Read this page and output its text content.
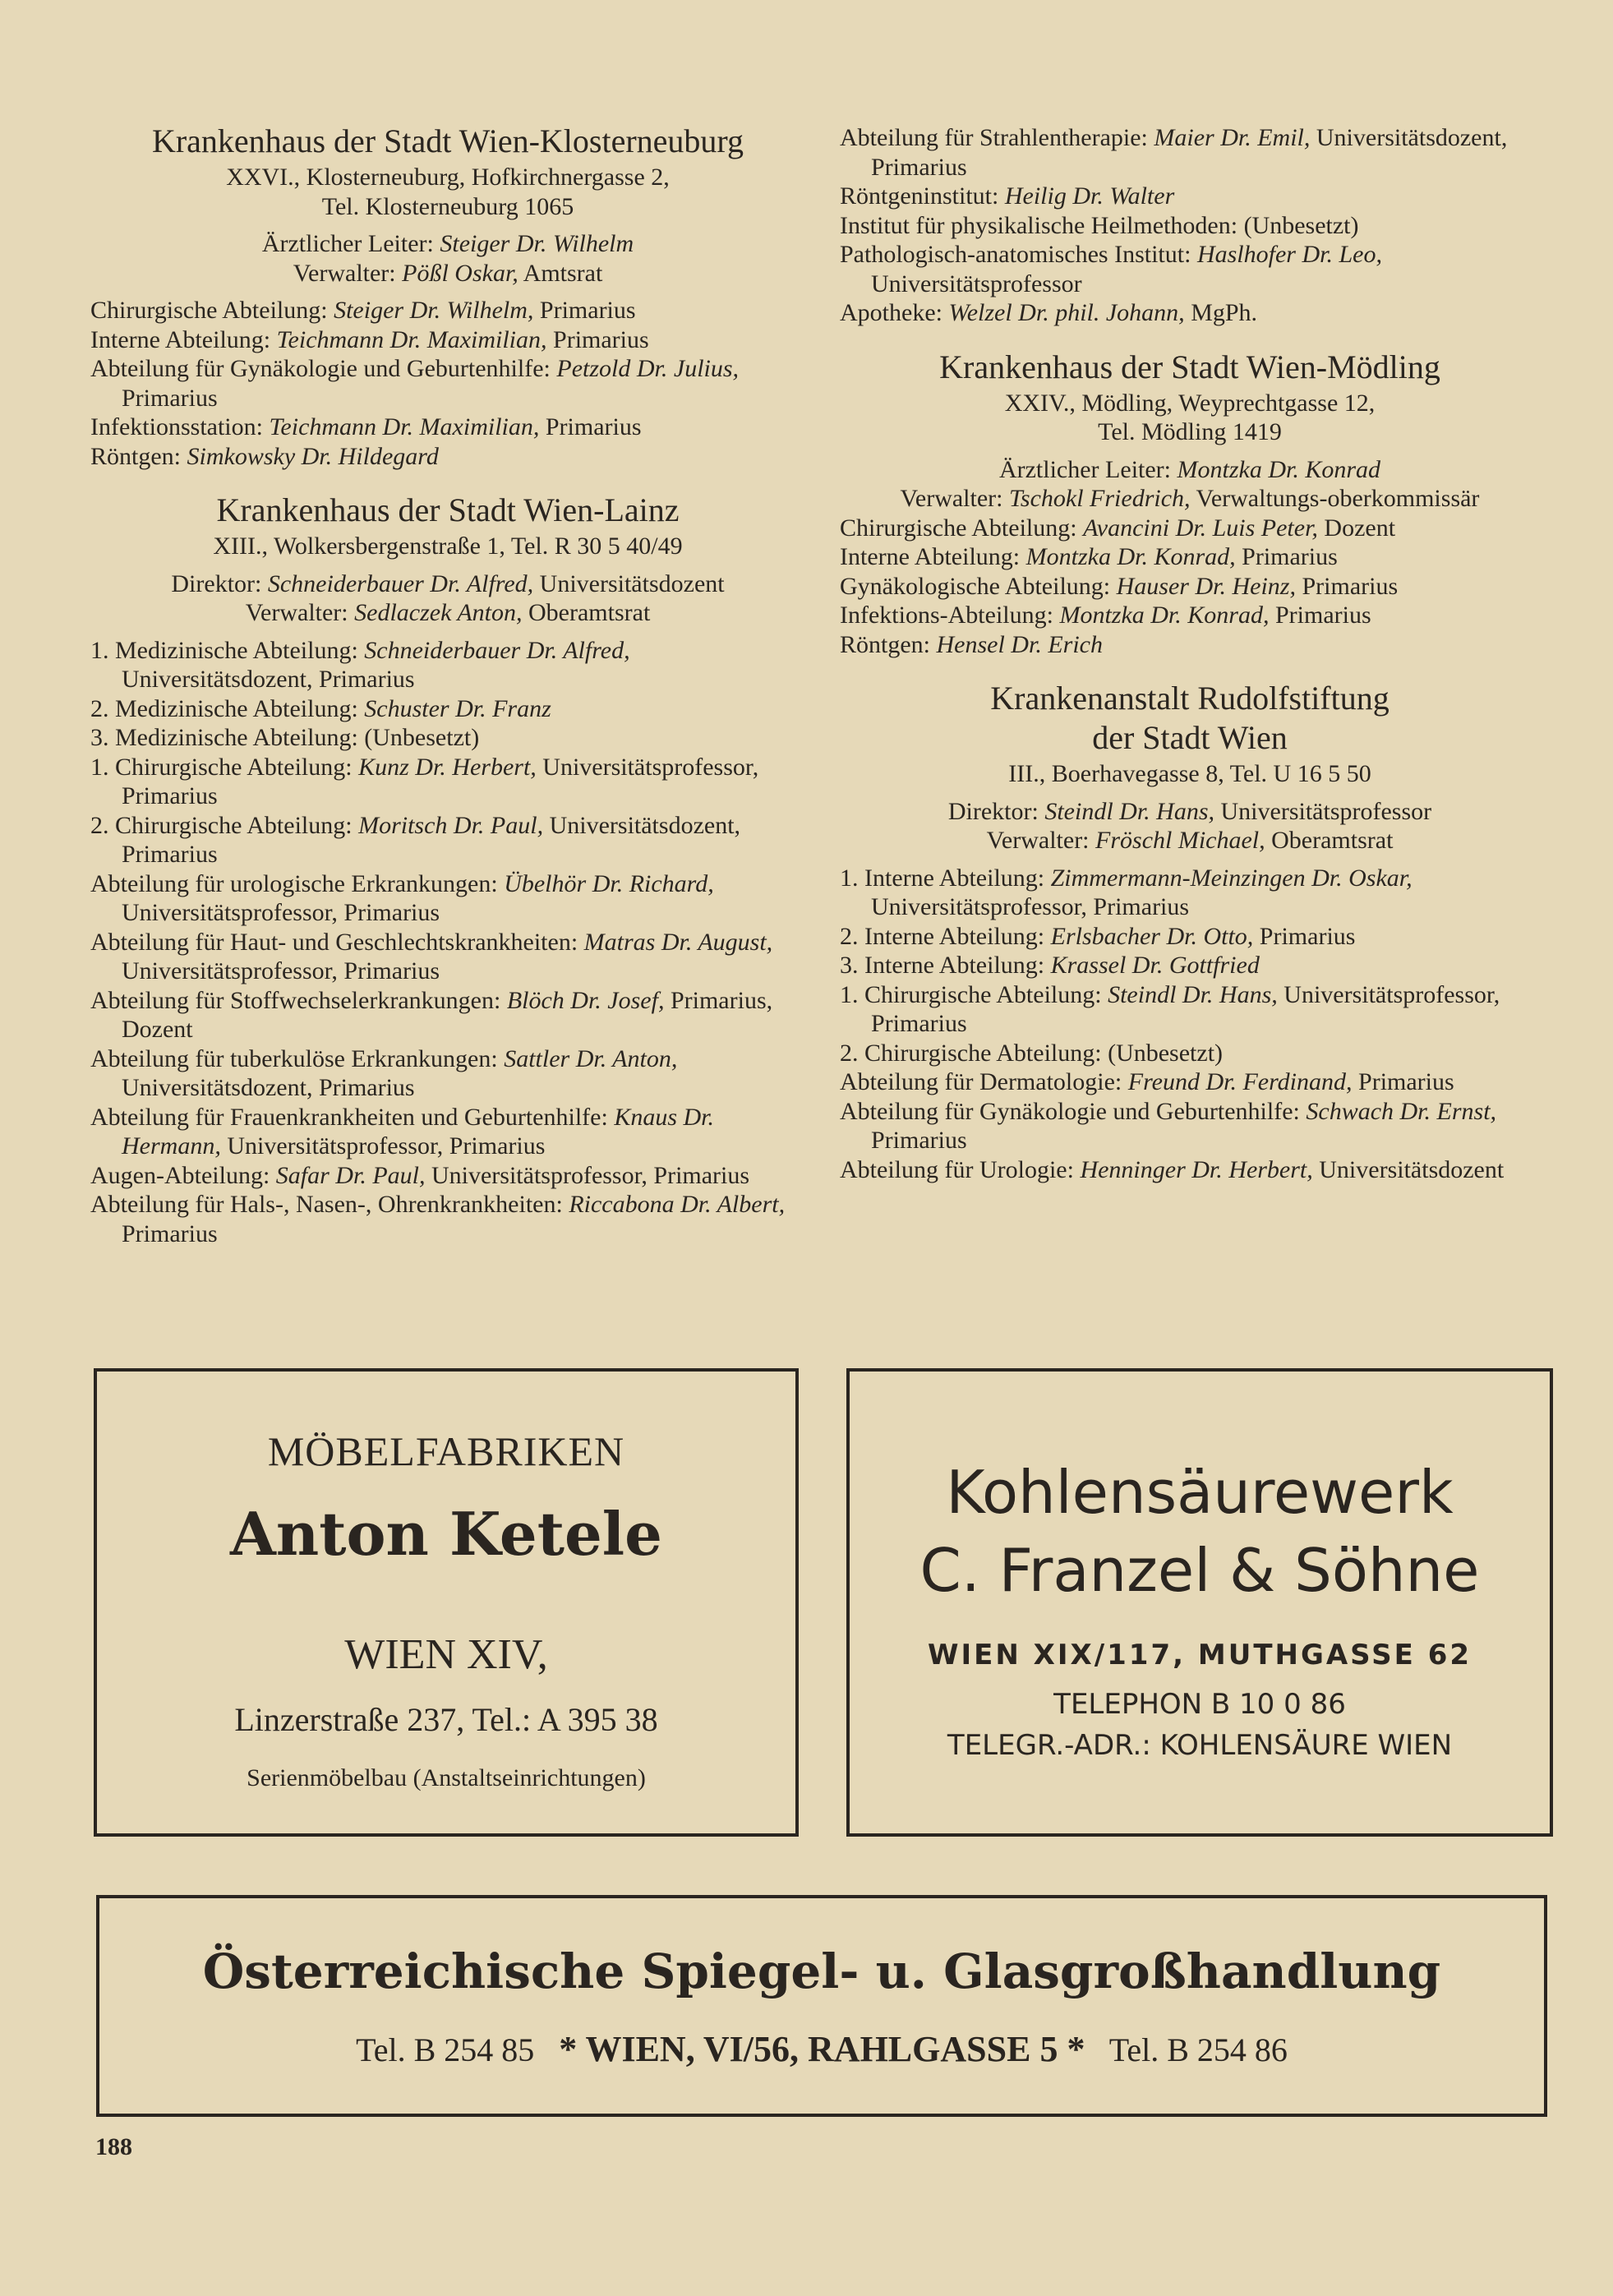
Krankenhaus der Stadt Wien-Klosterneuburg
XXVI., Klosterneuburg, Hofkirchnergasse 2,
Tel. Klosterneuburg 1065
Ärztlicher Leiter: Steiger Dr. Wilhelm
Verwalter: Pößl Oskar, Amtsrat
Chirurgische Abteilung: Steiger Dr. Wilhelm, Primarius
Interne Abteilung: Teichmann Dr. Maximilian, Primarius
Abteilung für Gynäkologie und Geburtenhilfe: Petzold Dr. Julius, Primarius
Infektionsstation: Teichmann Dr. Maximilian, Primarius
Röntgen: Simkowsky Dr. Hildegard
Krankenhaus der Stadt Wien-Lainz
XIII., Wolkersbergenstraße 1, Tel. R 30 5 40/49
Direktor: Schneiderbauer Dr. Alfred, Universitätsdozent
Verwalter: Sedlaczek Anton, Oberamtsrat
1. Medizinische Abteilung: Schneiderbauer Dr. Alfred, Universitätsdozent, Primarius
2. Medizinische Abteilung: Schuster Dr. Franz
3. Medizinische Abteilung: (Unbesetzt)
1. Chirurgische Abteilung: Kunz Dr. Herbert, Universitätsprofessor, Primarius
2. Chirurgische Abteilung: Moritsch Dr. Paul, Universitätsdozent, Primarius
Abteilung für urologische Erkrankungen: Übelhör Dr. Richard, Universitätsprofessor, Primarius
Abteilung für Haut- und Geschlechtskrankheiten: Matras Dr. August, Universitätsprofessor, Primarius
Abteilung für Stoffwechselerkrankungen: Blöch Dr. Josef, Primarius, Dozent
Abteilung für tuberkulöse Erkrankungen: Sattler Dr. Anton, Universitätsdozent, Primarius
Abteilung für Frauenkrankheiten und Geburtenhilfe: Knaus Dr. Hermann, Universitätsprofessor, Primarius
Augen-Abteilung: Safar Dr. Paul, Universitätsprofessor, Primarius
Abteilung für Hals-, Nasen-, Ohrenkrankheiten: Riccabona Dr. Albert, Primarius
Abteilung für Strahlentherapie: Maier Dr. Emil, Universitätsdozent, Primarius
Röntgeninstitut: Heilig Dr. Walter
Institut für physikalische Heilmethoden: (Unbesetzt)
Pathologisch-anatomisches Institut: Haslhofer Dr. Leo, Universitätsprofessor
Apotheke: Welzel Dr. phil. Johann, MgPh.
Krankenhaus der Stadt Wien-Mödling
XXIV., Mödling, Weyprechtgasse 12,
Tel. Mödling 1419
Ärztlicher Leiter: Montzka Dr. Konrad
Verwalter: Tschokl Friedrich, Verwaltungs-oberkommissär
Chirurgische Abteilung: Avancini Dr. Luis Peter, Dozent
Interne Abteilung: Montzka Dr. Konrad, Primarius
Gynäkologische Abteilung: Hauser Dr. Heinz, Primarius
Infektions-Abteilung: Montzka Dr. Konrad, Primarius
Röntgen: Hensel Dr. Erich
Krankenanstalt Rudolfstiftung
der Stadt Wien
III., Boerhavegasse 8, Tel. U 16 5 50
Direktor: Steindl Dr. Hans, Universitätsprofessor
Verwalter: Fröschl Michael, Oberamtsrat
1. Interne Abteilung: Zimmermann-Meinzingen Dr. Oskar, Universitätsprofessor, Primarius
2. Interne Abteilung: Erlsbacher Dr. Otto, Primarius
3. Interne Abteilung: Krassel Dr. Gottfried
1. Chirurgische Abteilung: Steindl Dr. Hans, Universitätsprofessor, Primarius
2. Chirurgische Abteilung: (Unbesetzt)
Abteilung für Dermatologie: Freund Dr. Ferdinand, Primarius
Abteilung für Gynäkologie und Geburtenhilfe: Schwach Dr. Ernst, Primarius
Abteilung für Urologie: Henninger Dr. Herbert, Universitätsdozent
MÖBELFABRIKEN
Anton Ketele
WIEN XIV,
Linzerstraße 237, Tel.: A 395 38
Serienmöbelbau (Anstaltseinrichtungen)
Kohlensäurewerk
C. Franzel & Söhne
WIEN XIX/117, MUTHGASSE 62
TELEPHON B 10 0 86
TELEGR.-ADR.: KOHLENSÄURE WIEN
Österreichische Spiegel- u. Glasgroßhandlung
Tel. B 254 85 * WIEN, VI/56, RAHLGASSE 5 * Tel. B 254 86
188
